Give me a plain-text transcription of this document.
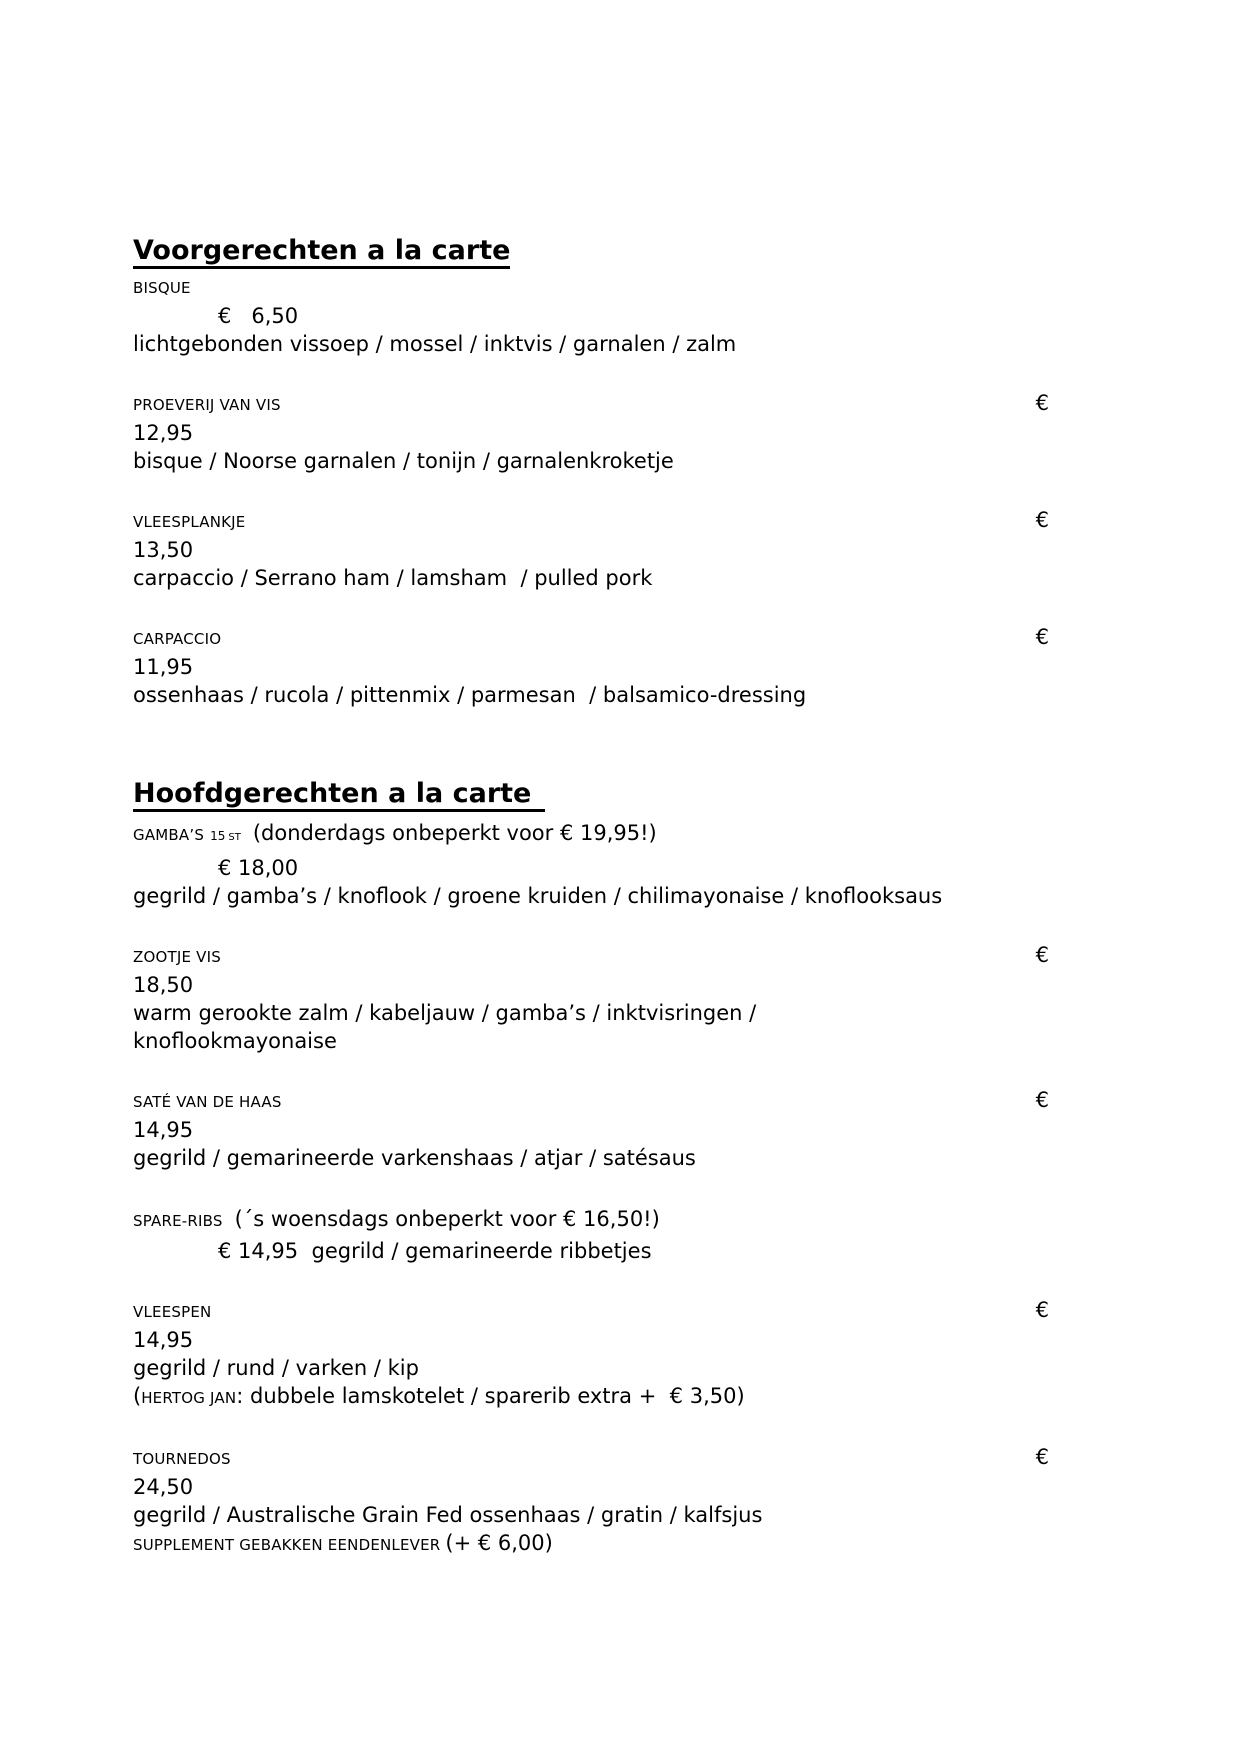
Voorgerechten a la carte
BISQUE
€   6,50
lichtgebonden vissoep / mossel / inktvis / garnalen / zalm
PROEVERIJ VAN VIS	€
12,95
bisque / Noorse garnalen / tonijn / garnalenkroketje
VLEESPLANKJE	€
13,50
carpaccio / Serrano ham / lamsham  / pulled pork
CARPACCIO	€
11,95
ossenhaas / rucola / pittenmix / parmesan  / balsamico-dressing
Hoofdgerechten a la carte
GAMBA’S 15 ST (donderdags onbeperkt voor € 19,95!)
€ 18,00
gegrild / gamba’s / knoflook / groene kruiden / chilimayonaise / knoflooksaus
ZOOTJE VIS	€
18,50
warm gerookte zalm / kabeljauw / gamba’s / inktvisringen /
knoflookmayonaise
SATÉ VAN DE HAAS	€
14,95
gegrild / gemarineerde varkenshaas / atjar / satésaus
SPARE-RIBS (´s woensdags onbeperkt voor € 16,50!)
€ 14,95  gegrild / gemarineerde ribbetjes
VLEESPEN	€
14,95
gegrild / rund / varken / kip
(HERTOG JAN: dubbele lamskotelet / sparerib extra +  € 3,50)
TOURNEDOS	€
24,50
gegrild / Australische Grain Fed ossenhaas / gratin / kalfsjus
SUPPLEMENT GEBAKKEN EENDENLEVER (+ € 6,00)
